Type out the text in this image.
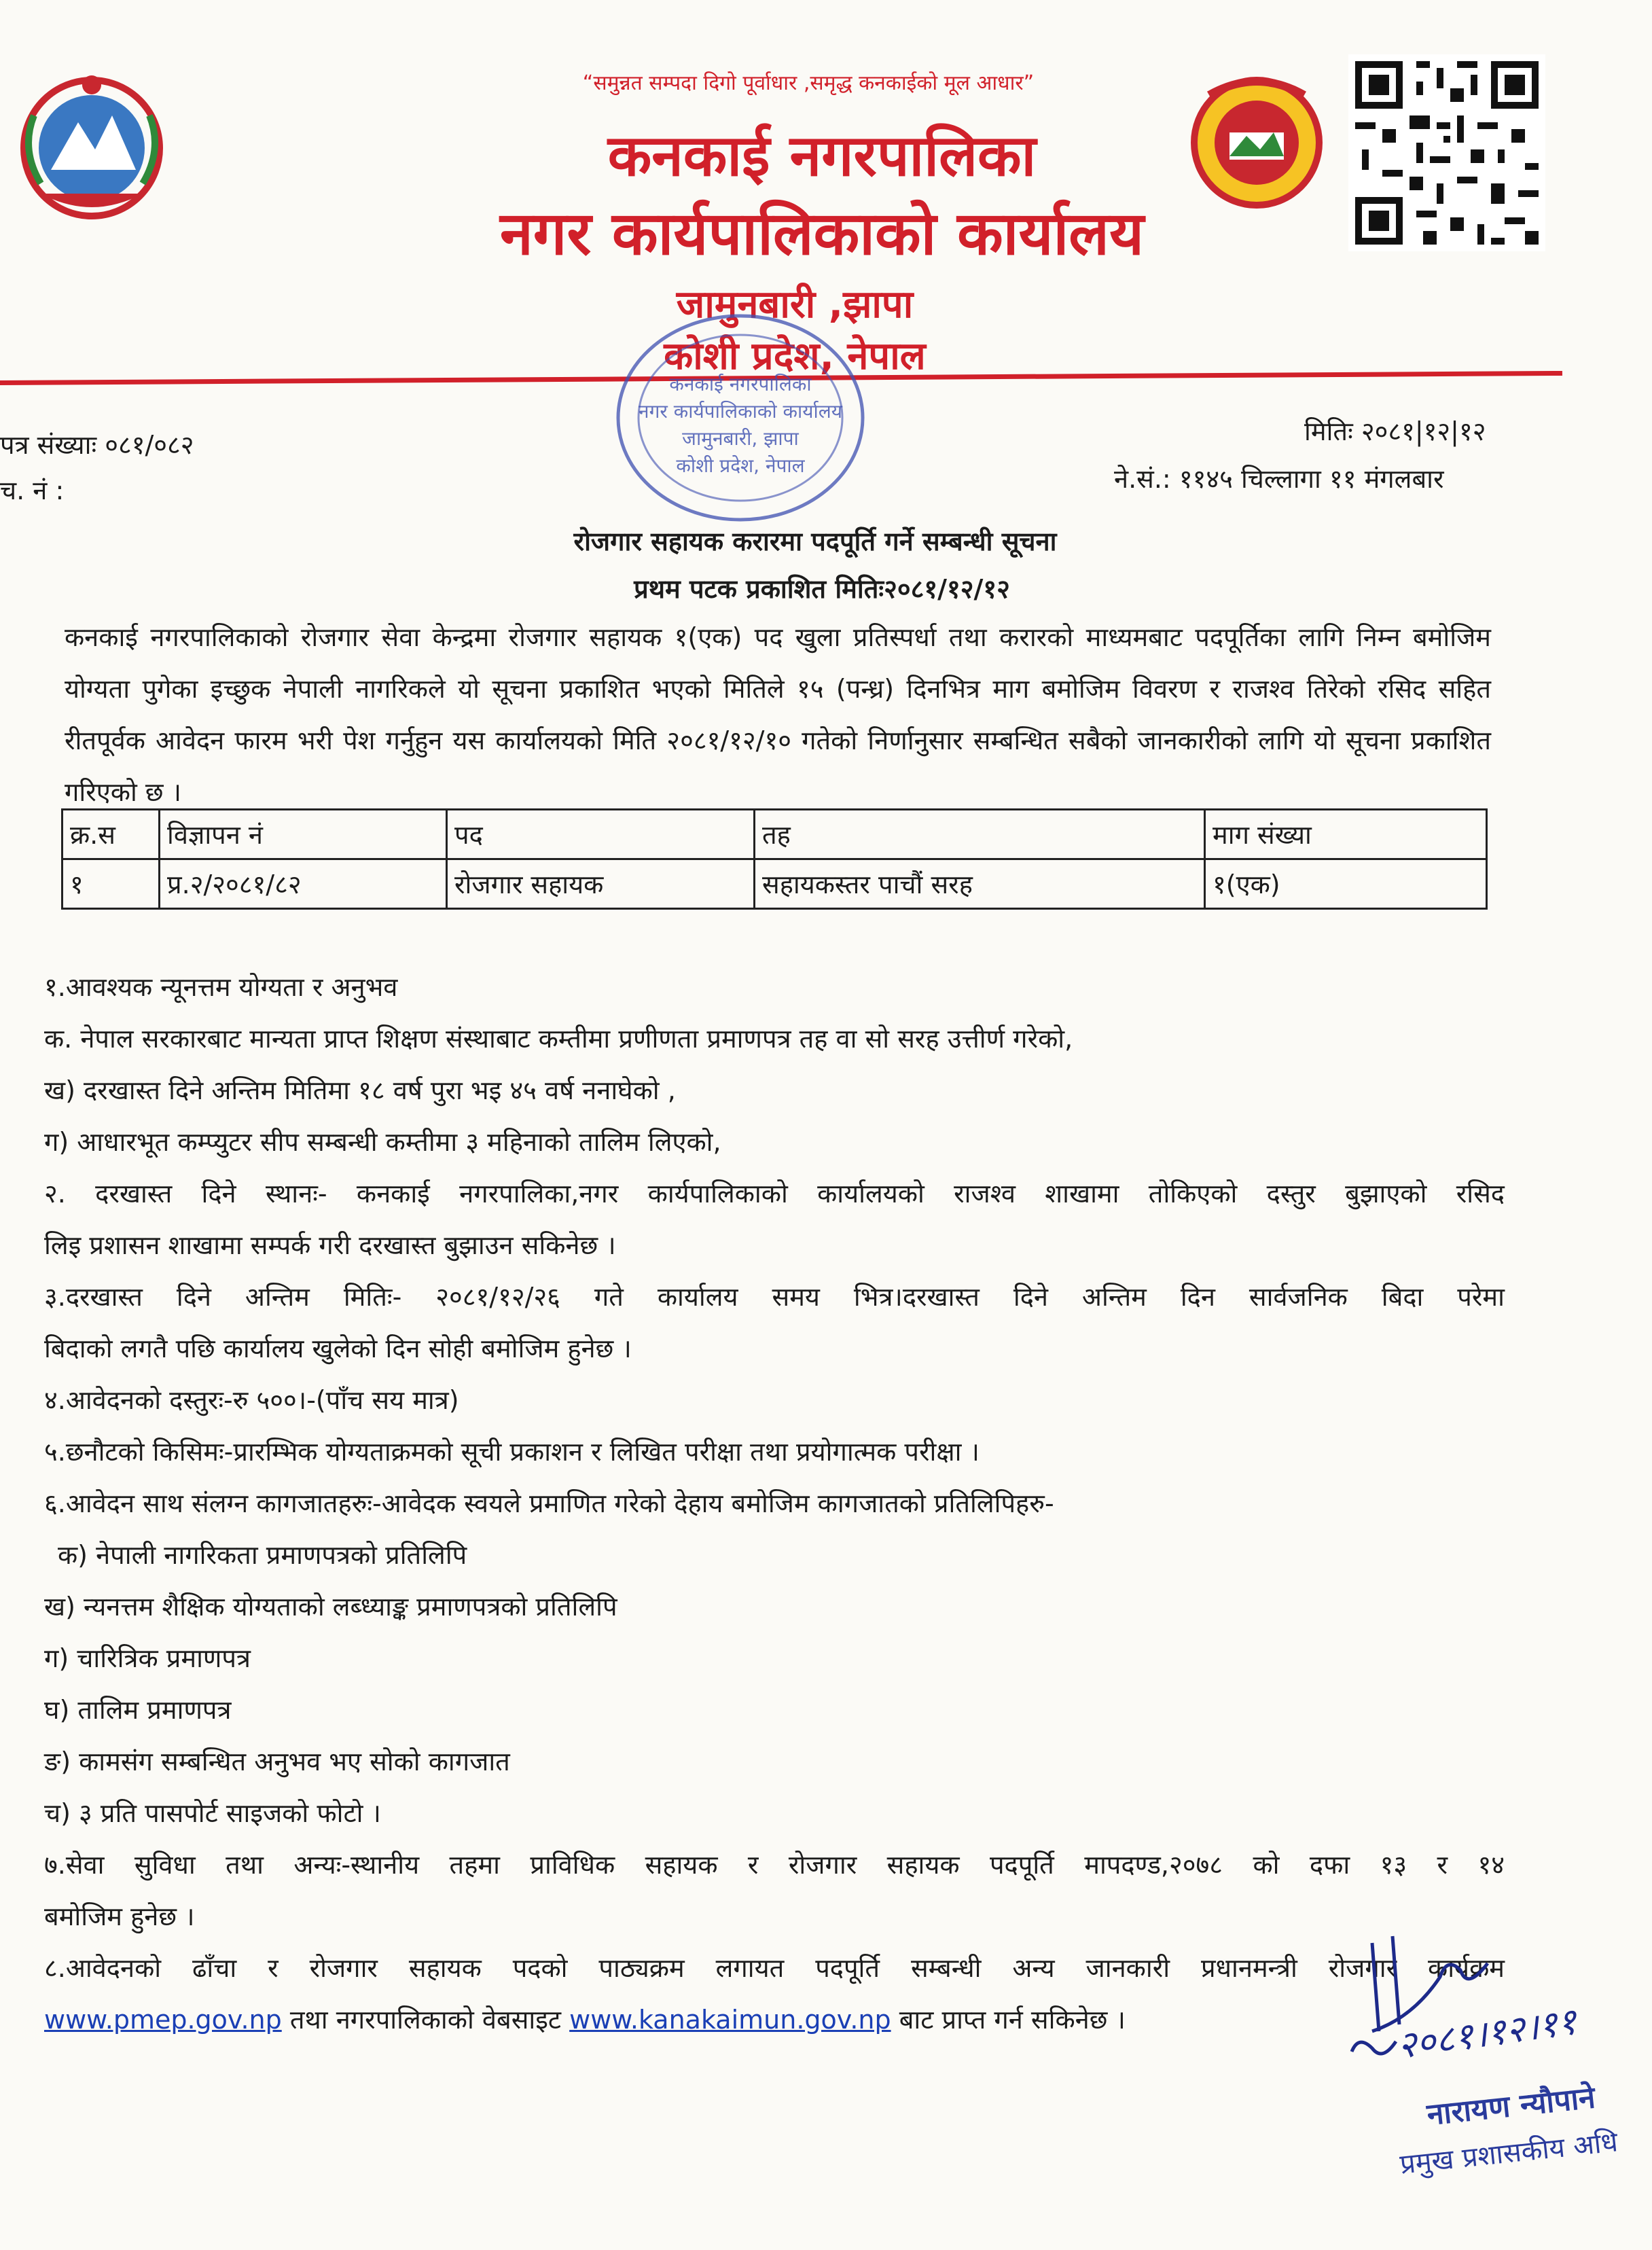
“समुन्नत सम्पदा दिगो पूर्वाधार ,समृद्ध कनकाईको मूल आधार”
कनकाई नगरपालिका
नगर कार्यपालिकाको कार्यालय
जामुनबारी ,झापा
कोशी प्रदेश, नेपाल
कनकाई नगरपालिका
नगर कार्यपालिकाको कार्यालय
जामुनबारी, झापा
कोशी प्रदेश, नेपाल
पत्र संख्याः ०८१/०८२
च. नं :
मितिः २०८१|१२|१२
ने.सं.: ११४५ चिल्लागा ११ मंगलबार
रोजगार सहायक करारमा पदपूर्ति गर्ने सम्बन्धी सूचना
प्रथम पटक प्रकाशित मितिः२०८१/१२/१२
कनकाई नगरपालिकाको रोजगार सेवा केन्द्रमा रोजगार सहायक १(एक) पद खुला प्रतिस्पर्धा तथा करारको माध्यमबाट पदपूर्तिका लागि निम्न बमोजिम योग्यता पुगेका इच्छुक नेपाली नागरिकले यो सूचना प्रकाशित भएको मितिले १५ (पन्ध्र) दिनभित्र माग बमोजिम विवरण र राजश्व तिरेको रसिद सहित रीतपूर्वक आवेदन फारम भरी पेश गर्नुहुन यस कार्यालयको मिति २०८१/१२/१० गतेको निर्णानुसार सम्बन्धित सबैको जानकारीको लागि यो सूचना प्रकाशित गरिएको छ ।
क्र.स	विज्ञापन नं	पद	तह	माग संख्या
१	प्र.२/२०८१/८२	रोजगार सहायक	सहायकस्तर पाचौं सरह	१(एक)
१.आवश्यक न्यूनत्तम योग्यता र अनुभव
क. नेपाल सरकारबाट मान्यता प्राप्त शिक्षण संस्थाबाट कम्तीमा प्रणीणता प्रमाणपत्र तह वा सो सरह उत्तीर्ण गरेको,
ख) दरखास्त दिने अन्तिम मितिमा १८ वर्ष पुरा भइ ४५ वर्ष ननाघेको ,
ग) आधारभूत कम्प्युटर सीप सम्बन्धी कम्तीमा ३ महिनाको तालिम लिएको,
२. दरखास्त दिने स्थानः- कनकाई नगरपालिका,नगर कार्यपालिकाको कार्यालयको राजश्व शाखामा तोकिएको दस्तुर बुझाएको रसिद
लिइ प्रशासन शाखामा सम्पर्क गरी दरखास्त बुझाउन सकिनेछ ।
३.दरखास्त दिने अन्तिम मितिः- २०८१/१२/२६ गते कार्यालय समय भित्र।दरखास्त दिने अन्तिम दिन सार्वजनिक बिदा परेमा
बिदाको लगतै पछि कार्यालय खुलेको दिन सोही बमोजिम हुनेछ ।
४.आवेदनको दस्तुरः-रु ५००।-(पाँच सय मात्र)
५.छनौटको किसिमः-प्रारम्भिक योग्यताक्रमको सूची प्रकाशन र लिखित परीक्षा तथा प्रयोगात्मक परीक्षा ।
६.आवेदन साथ संलग्न कागजातहरुः-आवेदक स्वयले प्रमाणित गरेको देहाय बमोजिम कागजातको प्रतिलिपिहरु-
क) नेपाली नागरिकता प्रमाणपत्रको प्रतिलिपि
ख) न्यनत्तम शैक्षिक योग्यताको लब्ध्याङ्क प्रमाणपत्रको प्रतिलिपि
ग) चारित्रिक प्रमाणपत्र
घ) तालिम प्रमाणपत्र
ङ) कामसंग सम्बन्धित अनुभव भए सोको कागजात
च) ३ प्रति पासपोर्ट साइजको फोटो ।
७.सेवा सुविधा तथा अन्यः-स्थानीय तहमा प्राविधिक सहायक र रोजगार सहायक पदपूर्ति मापदण्ड,२०७८ को दफा १३ र १४
बमोजिम हुनेछ ।
८.आवेदनको ढाँचा र रोजगार सहायक पदको पाठ्यक्रम लगायत पदपूर्ति सम्बन्धी अन्य जानकारी प्रधानमन्त्री रोजगार कार्यक्रम
www.pmep.gov.np तथा नगरपालिकाको वेबसाइट www.kanakaimun.gov.np बाट प्राप्त गर्न सकिनेछ ।	२०८१।१२।११
नारायण न्यौपाने
प्रमुख प्रशासकीय अधि
